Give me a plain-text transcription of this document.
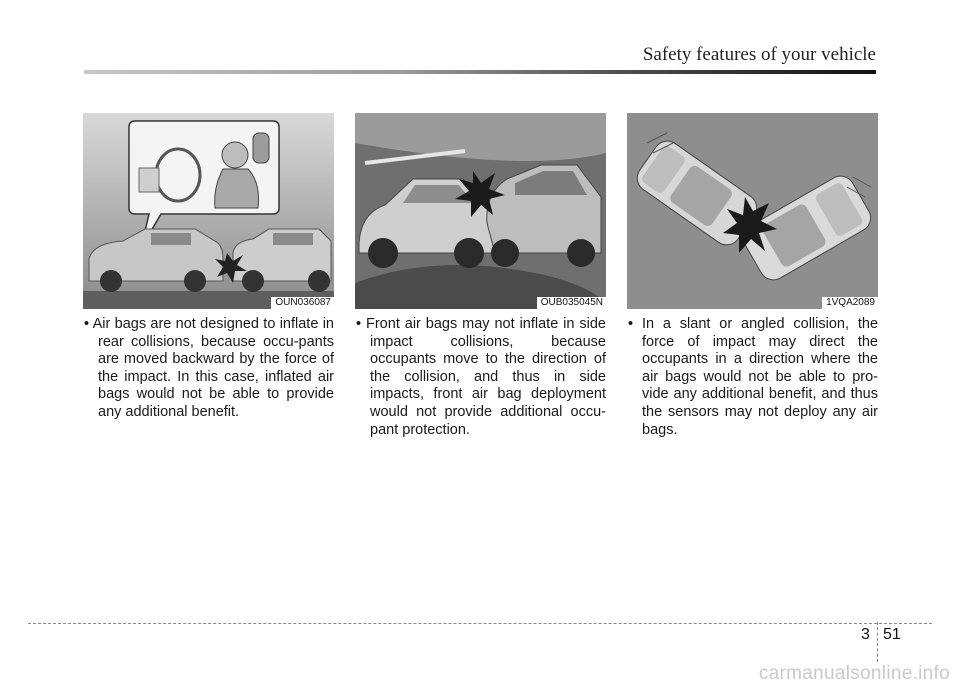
Safety features of your vehicle
OUN036087	OUB035045N	1VQA2089
• Air bags are not designed to inflate in rear collisions, because occu-pants are moved backward by the force of the impact. In this case, inflated air bags would not be able to provide any additional benefit.
• Front air bags may not inflate in side impact collisions, because occupants move to the direction of the collision, and thus in side impacts, front air bag deployment would not provide additional occu-pant protection.
• In a slant or angled collision, the force of impact may direct the occupants in a direction where the air bags would not be able to pro-vide any additional benefit, and thus the sensors may not deploy any air bags.
3 51
carmanualsonline.info
